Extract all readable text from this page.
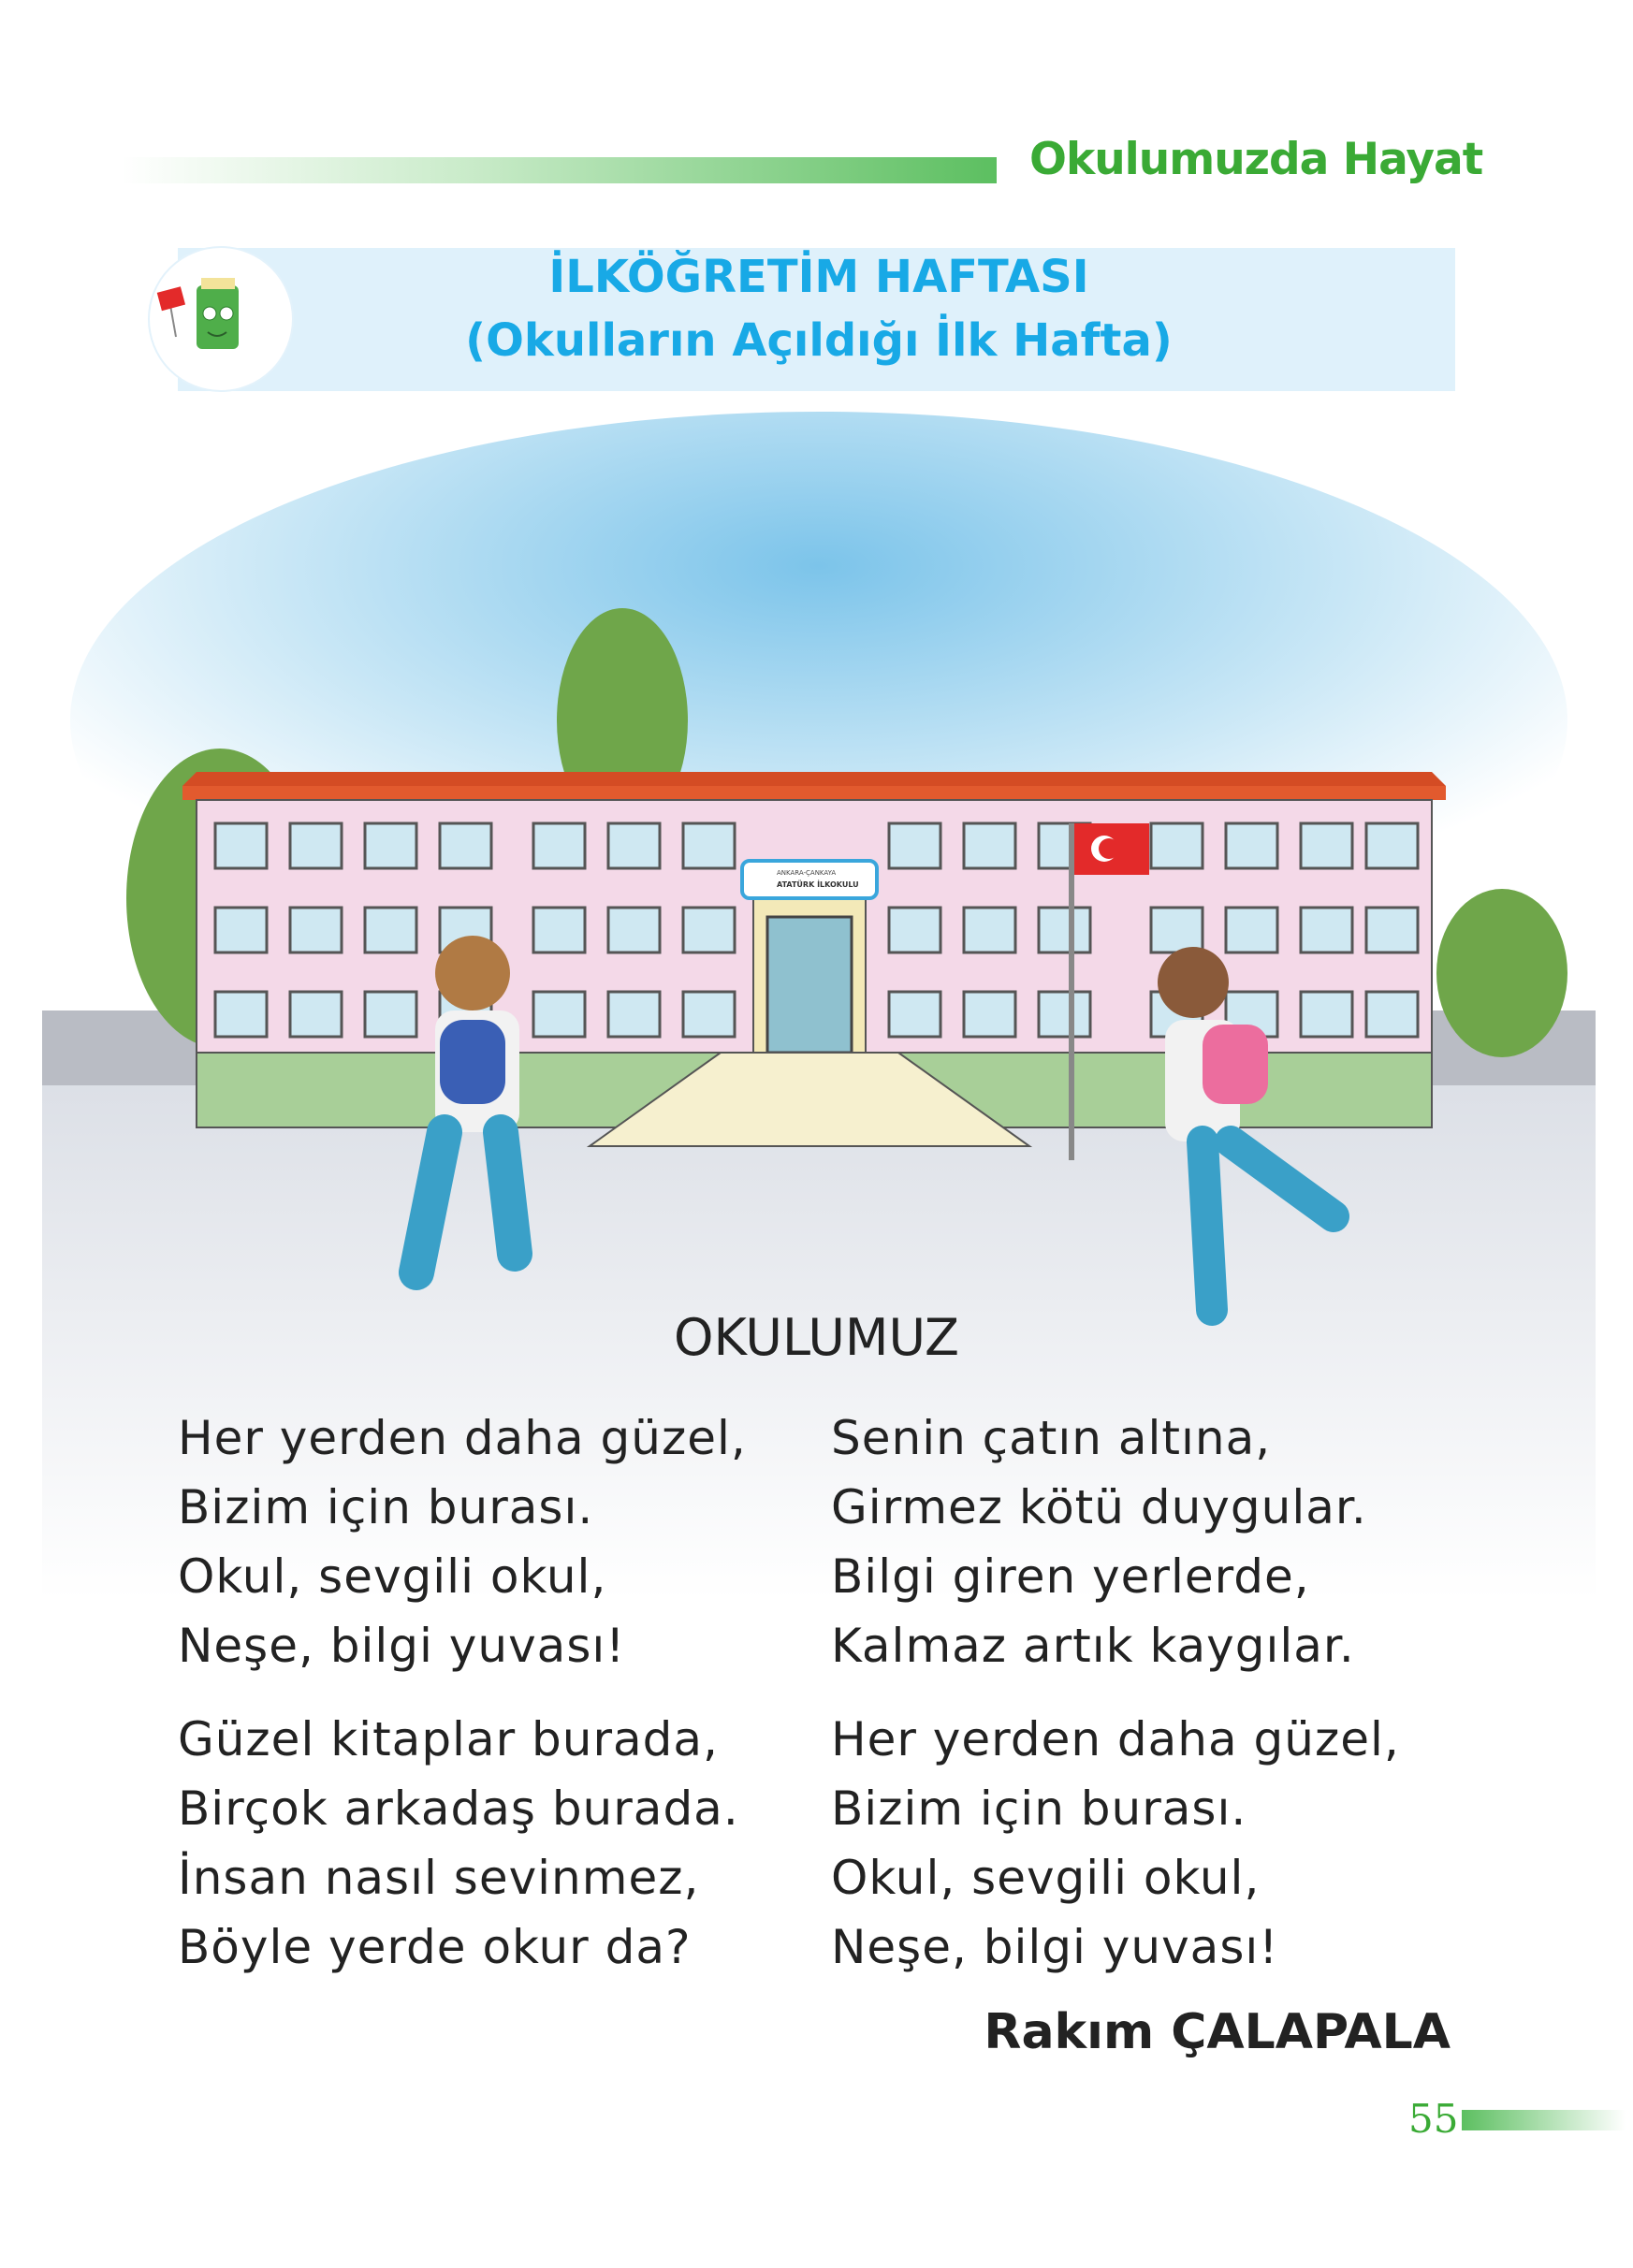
Okulumuzda Hayat
İLKÖĞRETİM HAFTASI
(Okulların Açıldığı İlk Hafta)
ANKARA-ÇANKAYA
ATATÜRK İLKOKULU
OKULUMUZ
Her yerden daha güzel,
Bizim için burası.
Okul, sevgili okul,
Neşe, bilgi yuvası!
Güzel kitaplar burada,
Birçok arkadaş burada.
İnsan nasıl sevinmez,
Böyle yerde okur da?
Senin çatın altına,
Girmez kötü duygular.
Bilgi giren yerlerde,
Kalmaz artık kaygılar.
Her yerden daha güzel,
Bizim için burası.
Okul, sevgili okul,
Neşe, bilgi yuvası!
Rakım ÇALAPALA
55
